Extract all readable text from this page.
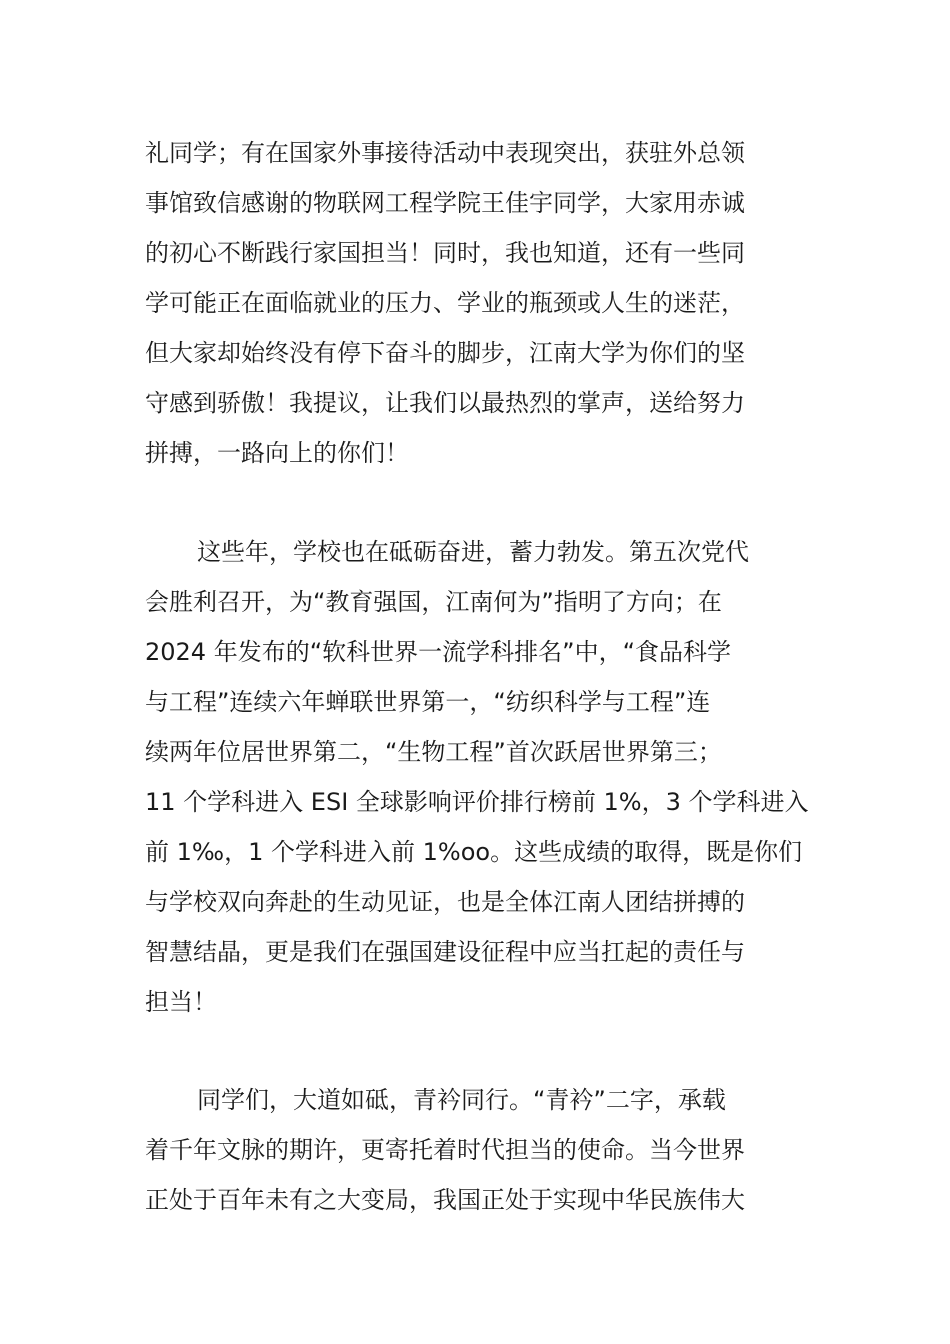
礼同学；有在国家外事接待活动中表现突出，获驻外总领
事馆致信感谢的物联网工程学院王佳宇同学，大家用赤诚
的初心不断践行家国担当！同时，我也知道，还有一些同
学可能正在面临就业的压力、学业的瓶颈或人生的迷茫，
但大家却始终没有停下奋斗的脚步，江南大学为你们的坚
守感到骄傲！我提议，让我们以最热烈的掌声，送给努力
拼搏，一路向上的你们！
这些年，学校也在砥砺奋进，蓄力勃发。第五次党代
会胜利召开，为“教育强国，江南何为”指明了方向；在
2024 年发布的“软科世界一流学科排名”中，“食品科学
与工程”连续六年蝉联世界第一，“纺织科学与工程”连
续两年位居世界第二，“生物工程”首次跃居世界第三；
11 个学科进入 ESI 全球影响评价排行榜前 1%，3 个学科进入
前 1‰，1 个学科进入前 1%oo。这些成绩的取得，既是你们
与学校双向奔赴的生动见证，也是全体江南人团结拼搏的
智慧结晶，更是我们在强国建设征程中应当扛起的责任与
担当！
同学们，大道如砥，青衿同行。“青衿”二字，承载
着千年文脉的期许，更寄托着时代担当的使命。当今世界
正处于百年未有之大变局，我国正处于实现中华民族伟大
